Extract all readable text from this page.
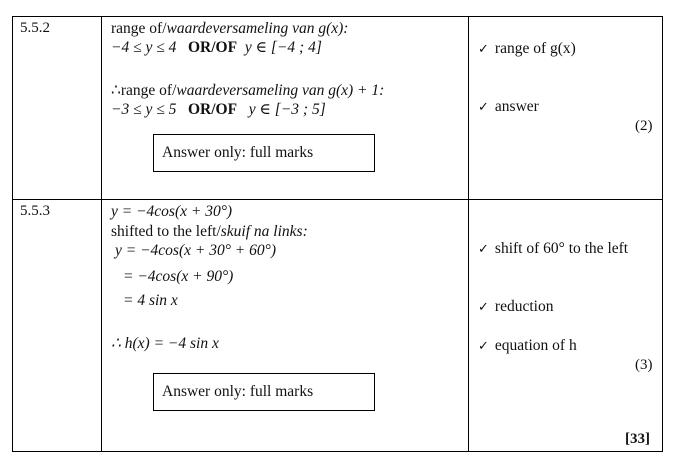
5.5.2	range of/waardeversameling van g(x):
−4 ≤ y ≤ 4 OR/OF y ∈ [−4 ; 4]
∴range of/waardeversameling van g(x) + 1:
−3 ≤ y ≤ 5 OR/OF y ∈ [−3 ; 5]
Answer only: full marks
✓ range of g(x)
✓ answer
(2)
5.5.3	y = −4cos(x + 30°)
shifted to the left/skuif na links:
y = −4cos(x + 30° + 60°)
= −4cos(x + 90°)
= 4 sin x
∴ h(x) = −4 sin x
Answer only: full marks
✓ shift of 60° to the left
✓ reduction
✓ equation of h
(3)
[33]
